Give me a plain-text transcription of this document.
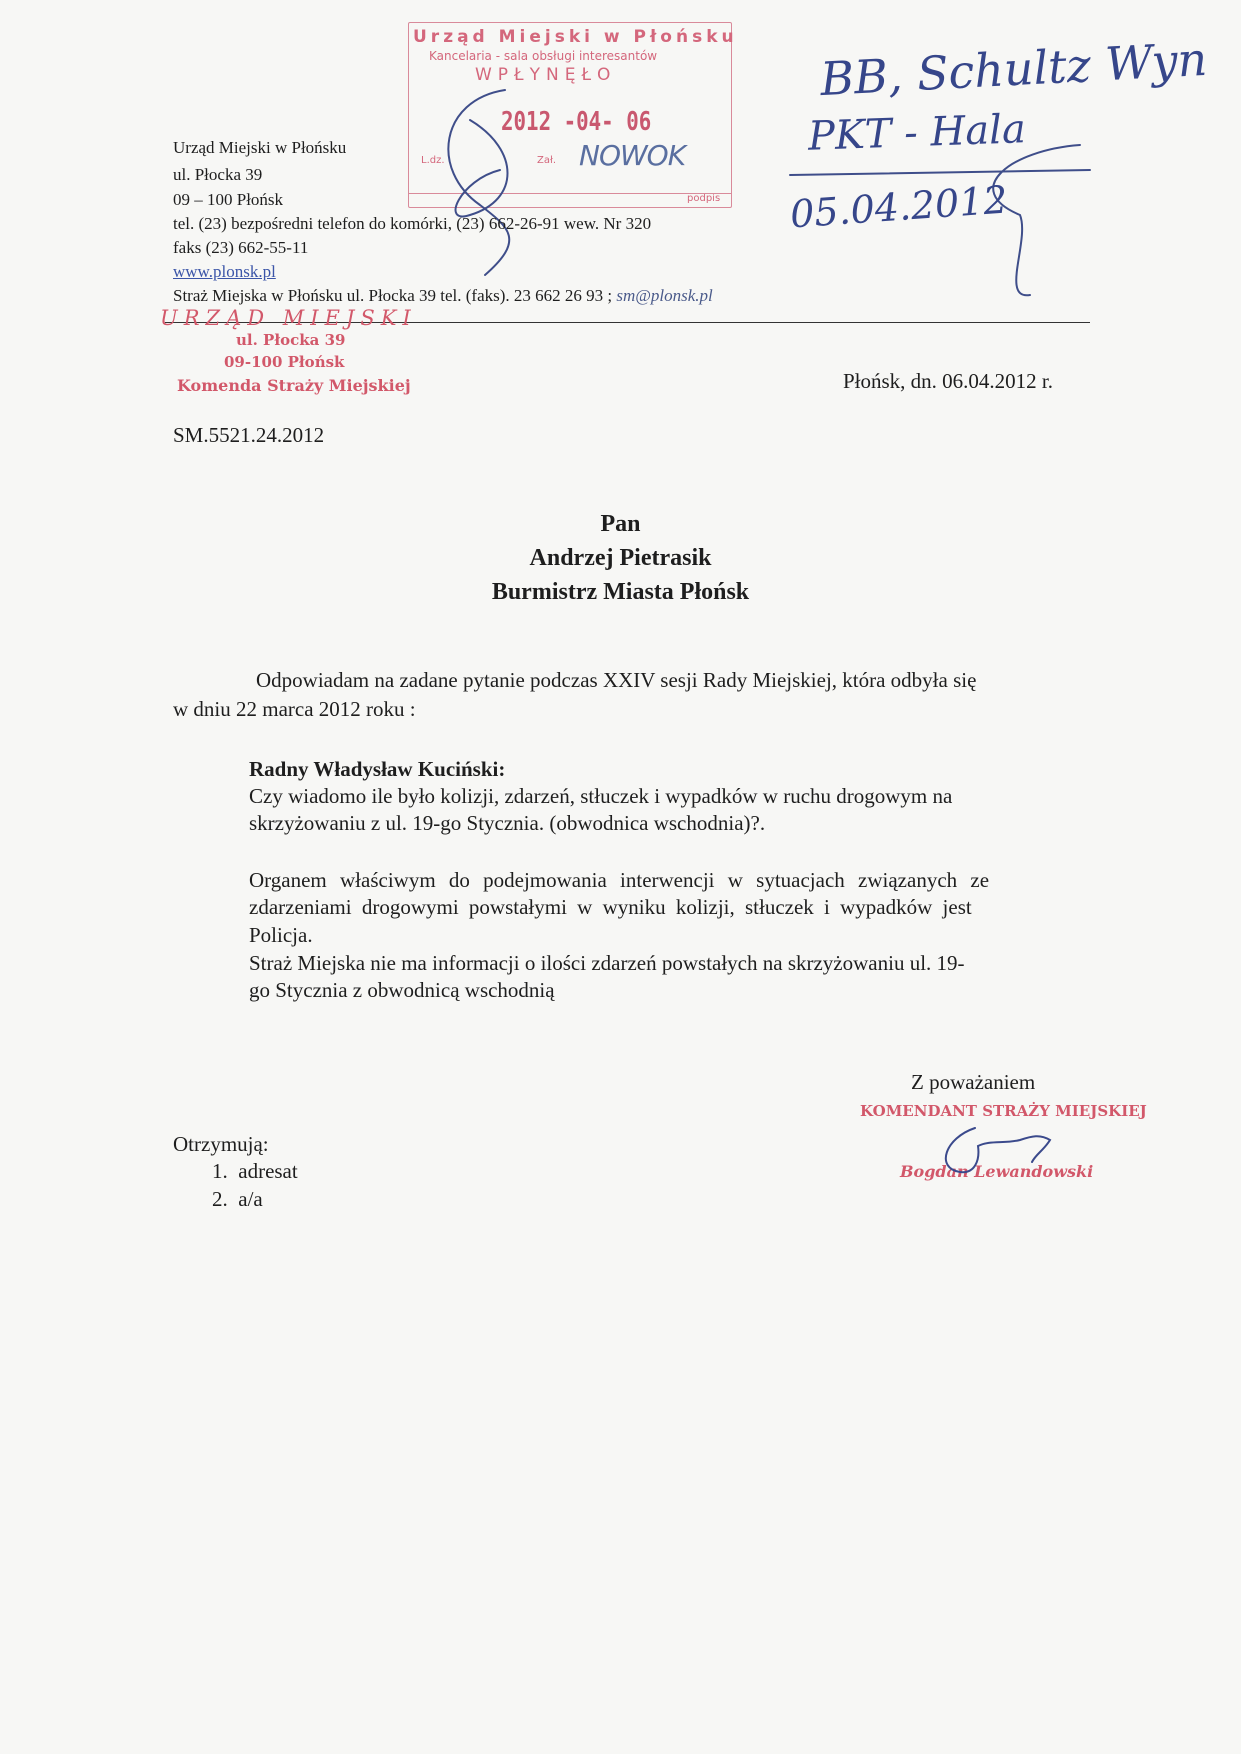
Urząd Miejski w Płońsku
Kancelaria - sala obsługi interesantów
WPŁYNĘŁO
2012 -04- 06
L.dz.	Zał.
podpis
NOWOK
BB, Schultz Wyn
PKT - Hala
05.04.2012
Urząd Miejski w Płońsku
ul. Płocka 39
09 – 100 Płońsk
tel. (23) bezpośredni telefon do komórki, (23) 662-26-91 wew. Nr 320
faks (23) 662-55-11
www.plonsk.pl
Straż Miejska w Płońsku ul. Płocka 39 tel. (faks). 23 662 26 93 ; sm@plonsk.pl
URZĄD MIEJSKI
ul. Płocka 39
09-100 Płońsk
Komenda Straży Miejskiej	Płońsk, dn. 06.04.2012 r.
SM.5521.24.2012
Pan
Andrzej Pietrasik
Burmistrz Miasta Płońsk
Odpowiadam na zadane pytanie podczas XXIV sesji Rady Miejskiej, która odbyła się
w dniu 22 marca 2012 roku :
Radny Władysław Kuciński:
Czy wiadomo ile było kolizji, zdarzeń, stłuczek i wypadków w ruchu drogowym na
skrzyżowaniu z ul. 19-go Stycznia. (obwodnica wschodnia)?.
Organem właściwym do podejmowania interwencji w sytuacjach związanych ze
zdarzeniami drogowymi powstałymi w wyniku kolizji, stłuczek i wypadków jest
Policja.
Straż Miejska nie ma informacji o ilości zdarzeń powstałych na skrzyżowaniu ul. 19-
go Stycznia z obwodnicą wschodnią
Z poważaniem
KOMENDANT STRAŻY MIEJSKIEJ
Bogdan Lewandowski
Otrzymują:
1.  adresat
2.  a/a
